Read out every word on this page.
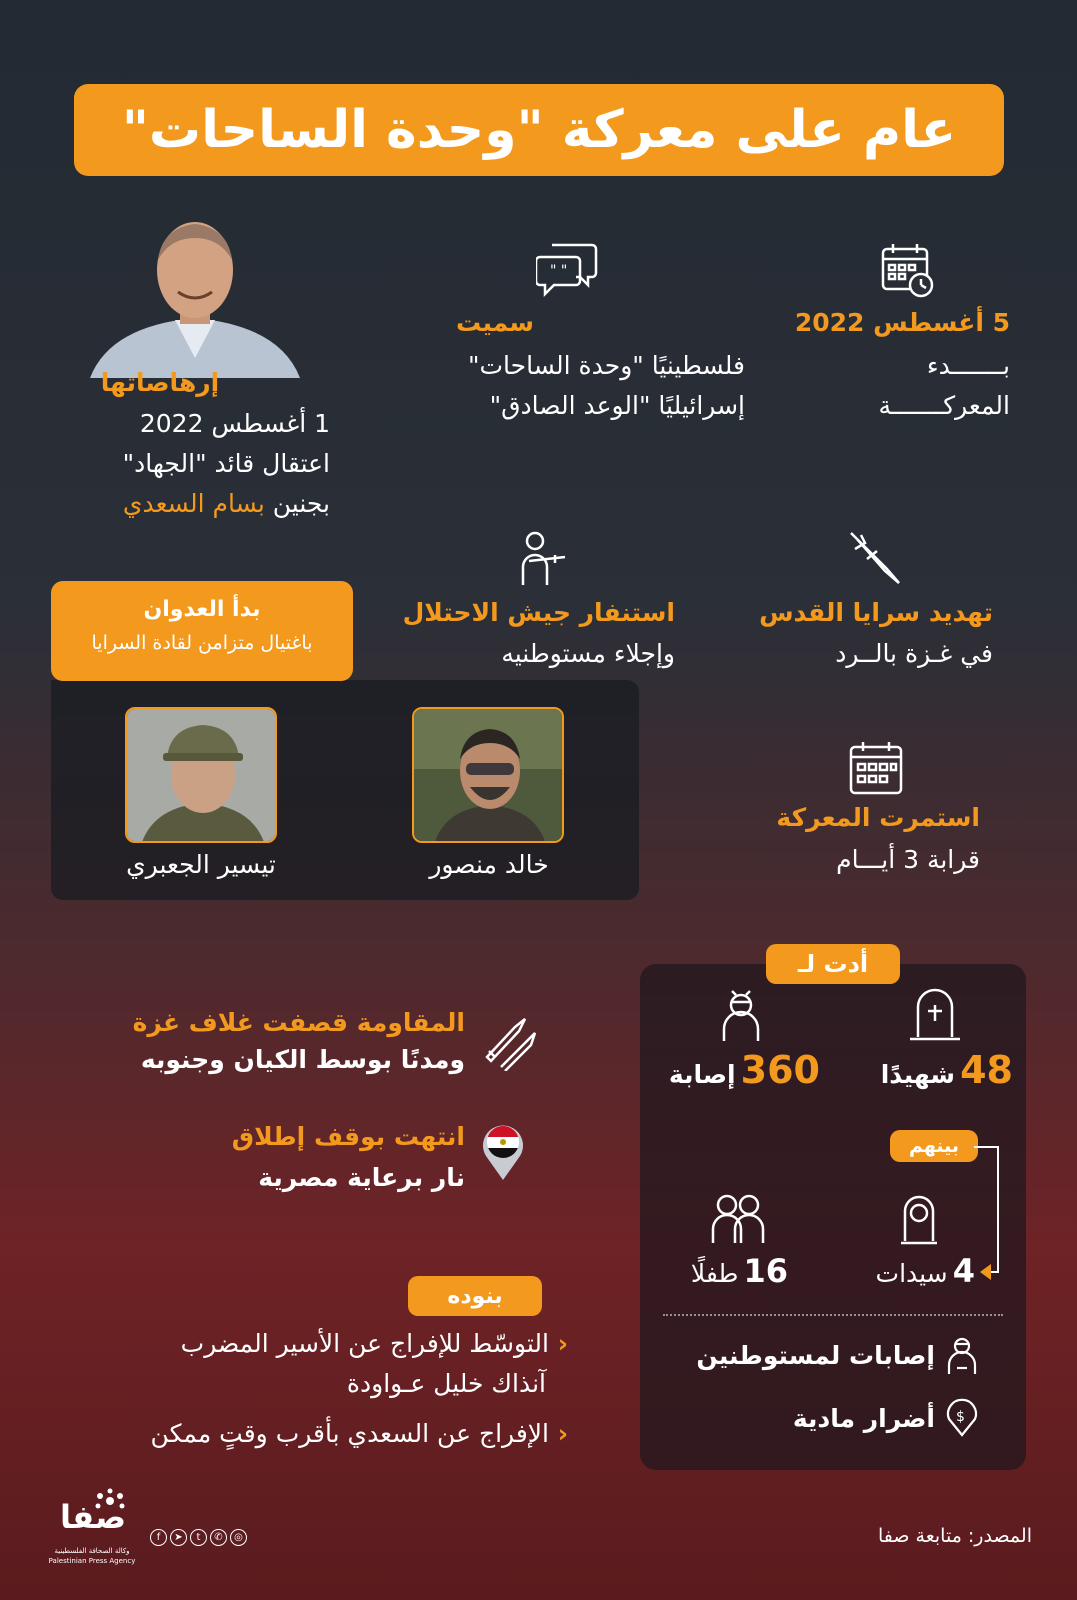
عام على معركة "وحدة الساحات"
5 أغسطس 2022
بـــــــدء
المعركـــــــة
" "
سميت
فلسطينيًا "وحدة الساحات"
إسرائيليًا "الوعد الصادق"
إرهاصاتها
1 أغسطس 2022
اعتقال قائد "الجهاد"
بجنين بسام السعدي
تهديد سرايا القدس
في غـزة بالــرد
استنفار جيش الاحتلال
وإجلاء مستوطنيه
بدأ العدوان
باغتيال متزامن لقادة السرايا
خالد منصور
تيسير الجعبري
استمرت المعركة
قرابة 3 أيـــام
أدت لـ
48 شهيدًا
360 إصابة
بينهم
4 سيدات
16 طفلًا
إصابات لمستوطنين
$
أضرار مادية
المقاومة قصفت غلاف غزة
ومدنًا بوسط الكيان وجنوبه
انتهت بوقف إطلاق
نار برعاية مصرية
بنوده
‹ التوسّط للإفراج عن الأسير المضرب
آنذاك خليل عـواودة
‹ الإفراج عن السعدي بأقرب وقتٍ ممكن
المصدر: متابعة صفا
صفا
وكالة الصحافة الفلسطينية
Palestinian Press Agency
f	➤	t	✆	◎
